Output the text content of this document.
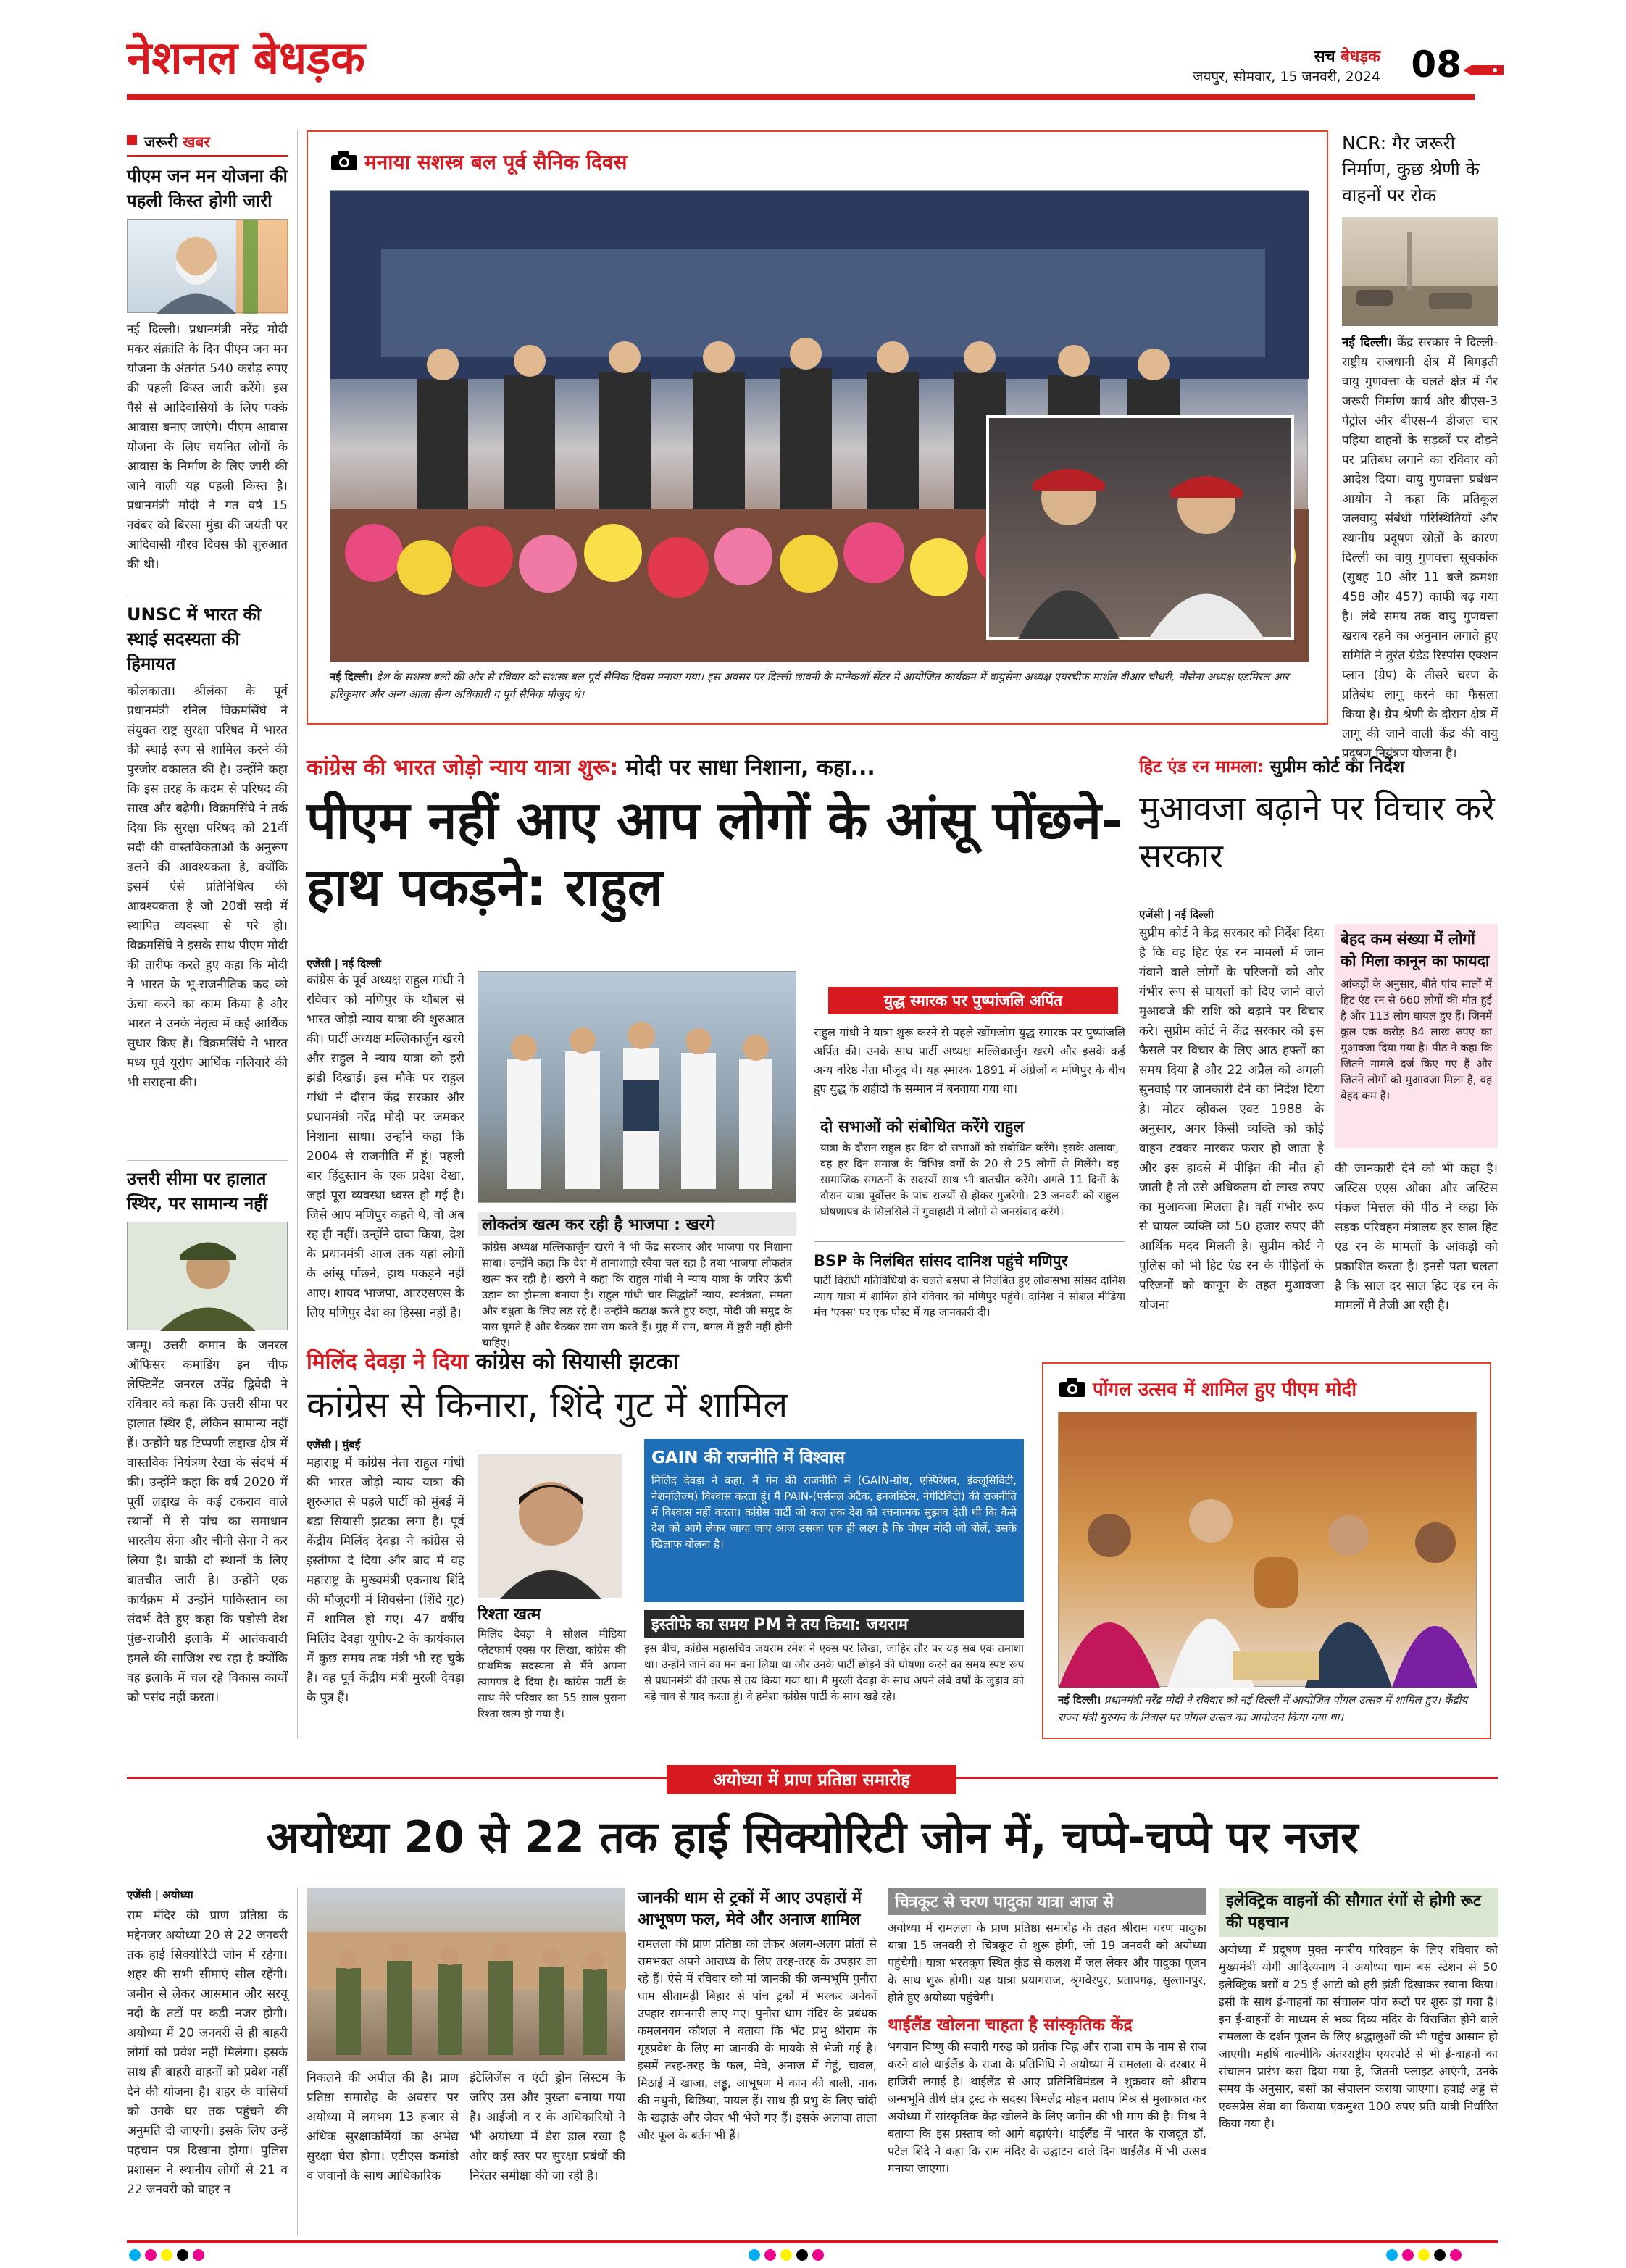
नेशनल बेधड़क	सच बेधड़क
जयपुर, सोमवार, 15 जनवरी, 2024 08
जरूरी खबर
पीएम जन मन योजना की पहली किस्त होगी जारी
नई दिल्ली। प्रधानमंत्री नरेंद्र मोदी मकर संक्रांति के दिन पीएम जन मन योजना के अंतर्गत 540 करोड़ रुपए की पहली किस्त जारी करेंगे। इस पैसे से आदिवासियों के लिए पक्के आवास बनाए जाएंगे। पीएम आवास योजना के लिए चयनित लोगों के आवास के निर्माण के लिए जारी की जाने वाली यह पहली किस्त है। प्रधानमंत्री मोदी ने गत वर्ष 15 नवंबर को बिरसा मुंडा की जयंती पर आदिवासी गौरव दिवस की शुरुआत की थी।
UNSC में भारत की स्थाई सदस्यता की हिमायत
कोलकाता। श्रीलंका के पूर्व प्रधानमंत्री रनिल विक्रमसिंघे ने संयुक्त राष्ट्र सुरक्षा परिषद में भारत की स्थाई रूप से शामिल करने की पुरजोर वकालत की है। उन्होंने कहा कि इस तरह के कदम से परिषद की साख और बढ़ेगी। विक्रमसिंघे ने तर्क दिया कि सुरक्षा परिषद को 21वीं सदी की वास्तविकताओं के अनुरूप ढलने की आवश्यकता है, क्योंकि इसमें ऐसे प्रतिनिधित्व की आवश्यकता है जो 20वीं सदी में स्थापित व्यवस्था से परे हो। विक्रमसिंघे ने इसके साथ पीएम मोदी की तारीफ करते हुए कहा कि मोदी ने भारत के भू-राजनीतिक कद को ऊंचा करने का काम किया है और भारत ने उनके नेतृत्व में कई आर्थिक सुधार किए हैं। विक्रमसिंघे ने भारत मध्य पूर्व यूरोप आर्थिक गलियारे की भी सराहना की।
उत्तरी सीमा पर हालात स्थिर, पर सामान्य नहीं
जम्मू। उत्तरी कमान के जनरल ऑफिसर कमांडिंग इन चीफ लेफ्टिनेंट जनरल उपेंद्र द्विवेदी ने रविवार को कहा कि उत्तरी सीमा पर हालात स्थिर हैं, लेकिन सामान्य नहीं हैं। उन्होंने यह टिप्पणी लद्दाख क्षेत्र में वास्तविक नियंत्रण रेखा के संदर्भ में की। उन्होंने कहा कि वर्ष 2020 में पूर्वी लद्दाख के कई टकराव वाले स्थानों में से पांच का समाधान भारतीय सेना और चीनी सेना ने कर लिया है। बाकी दो स्थानों के लिए बातचीत जारी है। उन्होंने एक कार्यक्रम में उन्होंने पाकिस्तान का संदर्भ देते हुए कहा कि पड़ोसी देश पुंछ-राजौरी इलाके में आतंकवादी हमले की साजिश रच रहा है क्योंकि वह इलाके में चल रहे विकास कार्यों को पसंद नहीं करता।
मनाया सशस्त्र बल पूर्व सैनिक दिवस
नई दिल्ली। देश के सशस्त्र बलों की ओर से रविवार को सशस्त्र बल पूर्व सैनिक दिवस मनाया गया। इस अवसर पर दिल्ली छावनी के मानेकशॉ सेंटर में आयोजित कार्यक्रम में वायुसेना अध्यक्ष एयरचीफ मार्शल वीआर चौधरी, नौसेना अध्यक्ष एडमिरल आर हरिकुमार और अन्य आला सैन्य अधिकारी व पूर्व सैनिक मौजूद थे।
NCR: गैर जरूरी निर्माण, कुछ श्रेणी के वाहनों पर रोक
नई दिल्ली। केंद्र सरकार ने दिल्ली-राष्ट्रीय राजधानी क्षेत्र में बिगड़ती वायु गुणवत्ता के चलते क्षेत्र में गैर जरूरी निर्माण कार्य और बीएस-3 पेट्रोल और बीएस-4 डीजल चार पहिया वाहनों के सड़कों पर दौड़ने पर प्रतिबंध लगाने का रविवार को आदेश दिया। वायु गुणवत्ता प्रबंधन आयोग ने कहा कि प्रतिकूल जलवायु संबंधी परिस्थितियों और स्थानीय प्रदूषण स्रोतों के कारण दिल्ली का वायु गुणवत्ता सूचकांक (सुबह 10 और 11 बजे क्रमशः 458 और 457) काफी बढ़ गया है। लंबे समय तक वायु गुणवत्ता खराब रहने का अनुमान लगाते हुए समिति ने तुरंत ग्रेडेड रिस्पांस एक्शन प्लान (ग्रैप) के तीसरे चरण के प्रतिबंध लागू करने का फैसला किया है। ग्रैप श्रेणी के दौरान क्षेत्र में लागू की जाने वाली केंद्र की वायु प्रदूषण नियंत्रण योजना है।
कांग्रेस की भारत जोड़ो न्याय यात्रा शुरू: मोदी पर साधा निशाना, कहा...
पीएम नहीं आए आप लोगों के आंसू पोंछने- हाथ पकड़ने: राहुल
एजेंसी | नई दिल्ली
कांग्रेस के पूर्व अध्यक्ष राहुल गांधी ने रविवार को मणिपुर के थौबल से भारत जोड़ो न्याय यात्रा की शुरुआत की। पार्टी अध्यक्ष मल्लिकार्जुन खरगे और राहुल ने न्याय यात्रा को हरी झंडी दिखाई। इस मौके पर राहुल गांधी ने दौरान केंद्र सरकार और प्रधानमंत्री नरेंद्र मोदी पर जमकर निशाना साधा। उन्होंने कहा कि 2004 से राजनीति में हूं। पहली बार हिंदुस्तान के एक प्रदेश देखा, जहां पूरा व्यवस्था ध्वस्त हो गई है। जिसे आप मणिपुर कहते थे, वो अब रह ही नहीं। उन्होंने दावा किया, देश के प्रधानमंत्री आज तक यहां लोगों के आंसू पोंछने, हाथ पकड़ने नहीं आए। शायद भाजपा, आरएसएस के लिए मणिपुर देश का हिस्सा नहीं है।
लोकतंत्र खत्म कर रही है भाजपा : खरगे
कांग्रेस अध्यक्ष मल्लिकार्जुन खरगे ने भी केंद्र सरकार और भाजपा पर निशाना साधा। उन्होंने कहा कि देश में तानाशाही रवैया चल रहा है तथा भाजपा लोकतंत्र खत्म कर रही है। खरगे ने कहा कि राहुल गांधी ने न्याय यात्रा के जरिए ऊंची उड़ान का हौसला बनाया है। राहुल गांधी चार सिद्धांतों न्याय, स्वतंत्रता, समता और बंधुता के लिए लड़ रहे हैं। उन्होंने कटाक्ष करते हुए कहा, मोदी जी समुद्र के पास घूमते हैं और बैठकर राम राम करते हैं। मुंह में राम, बगल में छुरी नहीं होनी चाहिए।
युद्ध स्मारक पर पुष्पांजलि अर्पित
राहुल गांधी ने यात्रा शुरू करने से पहले खोंगजोम युद्ध स्मारक पर पुष्पांजलि अर्पित की। उनके साथ पार्टी अध्यक्ष मल्लिकार्जुन खरगे और इसके कई अन्य वरिष्ठ नेता मौजूद थे। यह स्मारक 1891 में अंग्रेजों व मणिपुर के बीच हुए युद्ध के शहीदों के सम्मान में बनवाया गया था।
दो सभाओं को संबोधित करेंगे राहुल
यात्रा के दौरान राहुल हर दिन दो सभाओं को संबोधित करेंगे। इसके अलावा, वह हर दिन समाज के विभिन्न वर्गों के 20 से 25 लोगों से मिलेंगे। वह सामाजिक संगठनों के सदस्यों साथ भी बातचीत करेंगे। अगले 11 दिनों के दौरान यात्रा पूर्वोत्तर के पांच राज्यों से होकर गुजरेगी। 23 जनवरी को राहुल घोषणापत्र के सिलसिले में गुवाहाटी में लोगों से जनसंवाद करेंगे।
BSP के निलंबित सांसद दानिश पहुंचे मणिपुर
पार्टी विरोधी गतिविधियों के चलते बसपा से निलंबित हुए लोकसभा सांसद दानिश न्याय यात्रा में शामिल होने रविवार को मणिपुर पहुंचे। दानिश ने सोशल मीडिया मंच 'एक्स' पर एक पोस्ट में यह जानकारी दी।
हिट एंड रन मामला: सुप्रीम कोर्ट का निर्देश
मुआवजा बढ़ाने पर विचार करे सरकार
एजेंसी | नई दिल्ली
सुप्रीम कोर्ट ने केंद्र सरकार को निर्देश दिया है कि वह हिट एंड रन मामलों में जान गंवाने वाले लोगों के परिजनों को और गंभीर रूप से घायलों को दिए जाने वाले मुआवजे की राशि को बढ़ाने पर विचार करे। सुप्रीम कोर्ट ने केंद्र सरकार को इस फैसले पर विचार के लिए आठ हफ्तों का समय दिया है और 22 अप्रैल को अगली सुनवाई पर जानकारी देने का निर्देश दिया है। मोटर व्हीकल एक्ट 1988 के अनुसार, अगर किसी व्यक्ति को कोई वाहन टक्कर मारकर फरार हो जाता है और इस हादसे में पीड़ित की मौत हो जाती है तो उसे अधिकतम दो लाख रुपए का मुआवजा मिलता है। वहीं गंभीर रूप से घायल व्यक्ति को 50 हजार रुपए की आर्थिक मदद मिलती है। सुप्रीम कोर्ट ने पुलिस को भी हिट एंड रन के पीड़ितों के परिजनों को कानून के तहत मुआवजा योजना
बेहद कम संख्या में लोगों को मिला कानून का फायदा
आंकड़ों के अनुसार, बीते पांच सालों में हिट एंड रन से 660 लोगों की मौत हुई है और 113 लोग घायल हुए हैं। जिनमें कुल एक करोड़ 84 लाख रुपए का मुआवजा दिया गया है। पीठ ने कहा कि जितने मामले दर्ज किए गए हैं और जितने लोगों को मुआवजा मिला है, वह बेहद कम हैं।
की जानकारी देने को भी कहा है। जस्टिस एएस ओका और जस्टिस पंकज मित्तल की पीठ ने कहा कि सड़क परिवहन मंत्रालय हर साल हिट एंड रन के मामलों के आंकड़ों को प्रकाशित करता है। इनसे पता चलता है कि साल दर साल हिट एंड रन के मामलों में तेजी आ रही है।
मिलिंद देवड़ा ने दिया कांग्रेस को सियासी झटका
कांग्रेस से किनारा, शिंदे गुट में शामिल
एजेंसी | मुंबई
महाराष्ट्र में कांग्रेस नेता राहुल गांधी की भारत जोड़ो न्याय यात्रा की शुरुआत से पहले पार्टी को मुंबई में बड़ा सियासी झटका लगा है। पूर्व केंद्रीय मिलिंद देवड़ा ने कांग्रेस से इस्तीफा दे दिया और बाद में वह महाराष्ट्र के मुख्यमंत्री एकनाथ शिंदे की मौजूदगी में शिवसेना (शिंदे गुट) में शामिल हो गए। 47 वर्षीय मिलिंद देवड़ा यूपीए-2 के कार्यकाल में कुछ समय तक मंत्री भी रह चुके हैं। वह पूर्व केंद्रीय मंत्री मुरली देवड़ा के पुत्र हैं।
रिश्ता खत्म
मिलिंद देवड़ा ने सोशल मीडिया प्लेटफार्म एक्स पर लिखा, कांग्रेस की प्राथमिक सदस्यता से मैंने अपना त्यागपत्र दे दिया है। कांग्रेस पार्टी के साथ मेरे परिवार का 55 साल पुराना रिश्ता खत्म हो गया है।
GAIN की राजनीति में विश्वास
मिलिंद देवड़ा ने कहा, मैं गेन की राजनीति में (GAIN-ग्रोथ, एस्पिरेशन, इंक्लूसिविटी, नेशनलिज्म) विश्वास करता हूं। मैं PAIN-(पर्सनल अटैक, इनजस्टिस, नेगेटिविटी) की राजनीति में विश्वास नहीं करता। कांग्रेस पार्टी जो कल तक देश को रचनात्मक सुझाव देती थी कि कैसे देश को आगे लेकर जाया जाए आज उसका एक ही लक्ष्य है कि पीएम मोदी जो बोलें, उसके खिलाफ बोलना है।
इस्तीफे का समय PM ने तय किया: जयराम
इस बीच, कांग्रेस महासचिव जयराम रमेश ने एक्स पर लिखा, जाहिर तौर पर यह सब एक तमाशा था। उन्होंने जाने का मन बना लिया था और उनके पार्टी छोड़ने की घोषणा करने का समय स्पष्ट रूप से प्रधानमंत्री की तरफ से तय किया गया था। मैं मुरली देवड़ा के साथ अपने लंबे वर्षों के जुड़ाव को बड़े चाव से याद करता हूं। वे हमेशा कांग्रेस पार्टी के साथ खड़े रहे।
पोंगल उत्सव में शामिल हुए पीएम मोदी
नई दिल्ली। प्रधानमंत्री नरेंद्र मोदी ने रविवार को नई दिल्ली में आयोजित पोंगल उत्सव में शामिल हुए। केंद्रीय राज्य मंत्री मुरुगन के निवास पर पोंगल उत्सव का आयोजन किया गया था।
अयोध्या में प्राण प्रतिष्ठा समारोह
अयोध्या 20 से 22 तक हाई सिक्योरिटी जोन में, चप्पे-चप्पे पर नजर
एजेंसी | अयोध्या
राम मंदिर की प्राण प्रतिष्ठा के मद्देनजर अयोध्या 20 से 22 जनवरी तक हाई सिक्योरिटी जोन में रहेगा। शहर की सभी सीमाएं सील रहेंगी। जमीन से लेकर आसमान और सरयू नदी के तटों पर कड़ी नजर होगी। अयोध्या में 20 जनवरी से ही बाहरी लोगों को प्रवेश नहीं मिलेगा। इसके साथ ही बाहरी वाहनों को प्रवेश नहीं देने की योजना है। शहर के वासियों को उनके घर तक पहुंचने की अनुमति दी जाएगी। इसके लिए उन्हें पहचान पत्र दिखाना होगा। पुलिस प्रशासन ने स्थानीय लोगों से 21 व 22 जनवरी को बाहर न
निकलने की अपील की है। प्राण प्रतिष्ठा समारोह के अवसर पर अयोध्या में लगभग 13 हजार से अधिक सुरक्षाकर्मियों का अभेद्य सुरक्षा घेरा होगा। एटीएस कमांडो व जवानों के साथ आधिकारिक
इंटेलिजेंस व एंटी ड्रोन सिस्टम के जरिए उस और पुख्ता बनाया गया है। आईजी व र के अधिकारियों ने भी अयोध्या में डेरा डाल रखा है और कई स्तर पर सुरक्षा प्रबंधों की निरंतर समीक्षा की जा रही है।
जानकी धाम से ट्रकों में आए उपहारों में आभूषण फल, मेवे और अनाज शामिल
रामलला की प्राण प्रतिष्ठा को लेकर अलग-अलग प्रांतों से रामभक्त अपने आराध्य के लिए तरह-तरह के उपहार ला रहे हैं। ऐसे में रविवार को मां जानकी की जन्मभूमि पुनौरा धाम सीतामढ़ी बिहार से पांच ट्रकों में भरकर अनेकों उपहार रामनगरी लाए गए। पुनौरा धाम मंदिर के प्रबंधक कमलनयन कौशल ने बताया कि भेंट प्रभु श्रीराम के गृहप्रवेश के लिए मां जानकी के मायके से भेजी गई है। इसमें तरह-तरह के फल, मेवे, अनाज में गेहूं, चावल, मिठाई में खाजा, लड्डू, आभूषण में कान की बाली, नाक की नथुनी, बिछिया, पायल हैं। साथ ही प्रभु के लिए चांदी के खड़ाऊं और जेवर भी भेजे गए हैं। इसके अलावा ताला और फूल के बर्तन भी हैं।
चित्रकूट से चरण पादुका यात्रा आज से
अयोध्या में रामलला के प्राण प्रतिष्ठा समारोह के तहत श्रीराम चरण पादुका यात्रा 15 जनवरी से चित्रकूट से शुरू होगी, जो 19 जनवरी को अयोध्या पहुंचेगी। यात्रा भरतकूप स्थित कुंड से कलश में जल लेकर और पादुका पूजन के साथ शुरू होगी। यह यात्रा प्रयागराज, श्रृंगवेरपुर, प्रतापगढ़, सुल्तानपुर, होते हुए अयोध्या पहुंचेगी।
थाईलैंड खोलना चाहता है सांस्कृतिक केंद्र
भगवान विष्णु की सवारी गरुड़ को प्रतीक चिह्न और राजा राम के नाम से राज करने वाले थाईलैंड के राजा के प्रतिनिधि ने अयोध्या में रामलला के दरबार में हाजिरी लगाई है। थाईलैंड से आए प्रतिनिधिमंडल ने शुक्रवार को श्रीराम जन्मभूमि तीर्थ क्षेत्र ट्रस्ट के सदस्य बिमलेंद्र मोहन प्रताप मिश्र से मुलाकात कर अयोध्या में सांस्कृतिक केंद्र खोलने के लिए जमीन की भी मांग की है। मिश्र ने बताया कि इस प्रस्ताव को आगे बढ़ाएंगे। थाईलैंड में भारत के राजदूत डॉ. पटेल शिंदे ने कहा कि राम मंदिर के उद्घाटन वाले दिन थाईलैंड में भी उत्सव मनाया जाएगा।
इलेक्ट्रिक वाहनों की सौगात रंगों से होगी रूट की पहचान
अयोध्या में प्रदूषण मुक्त नगरीय परिवहन के लिए रविवार को मुख्यमंत्री योगी आदित्यनाथ ने अयोध्या धाम बस स्टेशन से 50 इलेक्ट्रिक बसों व 25 ई आटो को हरी झंडी दिखाकर रवाना किया। इसी के साथ ई-वाहनों का संचालन पांच रूटों पर शुरू हो गया है। इन ई-वाहनों के माध्यम से भव्य दिव्य मंदिर के विराजित होने वाले रामलला के दर्शन पूजन के लिए श्रद्धालुओं की भी पहुंच आसान हो जाएगी। महर्षि वाल्मीकि अंतरराष्ट्रीय एयरपोर्ट से भी ई-वाहनों का संचालन प्रारंभ करा दिया गया है, जितनी फ्लाइट आएंगी, उनके समय के अनुसार, बसों का संचालन कराया जाएगा। हवाई अड्डे से एक्सप्रेस सेवा का किराया एकमुश्त 100 रुपए प्रति यात्री निर्धारित किया गया है।
